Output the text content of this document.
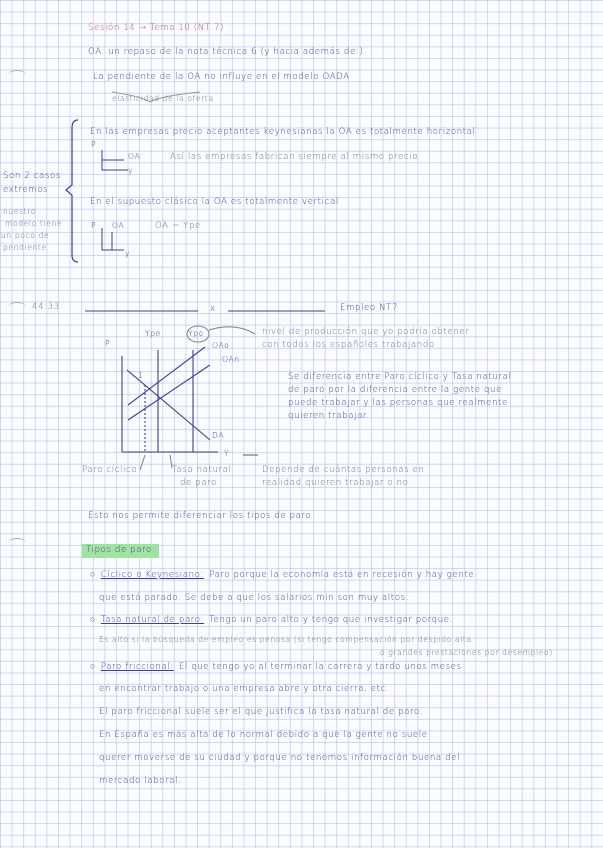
Sesión 14 → Tema 10 (NT 7)
OA: un repaso de la nota técnica 6 (y hacia además de:)
La pendiente de la OA no influye en el modelo OADA
elasticidad de la oferta
Son 2 casos
extremos
nuestro
modelo tiene
un poco de
pendiente.
En las empresas precio aceptantes keynesianas la OA es totalmente horizontal
P
OA
y
Así las empresas fabrican siempre al mismo precio
En el supuesto clásico la OA es totalmente vertical
P OA
y
OA = Ype
44:33	x	Empleo NT7
P
Ype	Ypo
OAo
OAn
1
DA
Y
nivel de producción que yo podría obtener
con todos los españoles trabajando
Se diferencia entre Paro cíclico y Tasa natural
de paro por la diferencia entre la gente que
puede trabajar y las personas que realmente
quieren trabajar.
Paro cíclico	Tasa natural
de paro
Depende de cuántas personas en
realidad quieren trabajar o no.
Esto nos permite diferenciar los tipos de paro
Tipos de paro:
○ Cíclico o Keynesiano: Paro porque la economía está en recesión y hay gente
que está parado. Se debe a que los salarios min son muy altos.
○ Tasa natural de paro: Tengo un paro alto y tengo que investigar porque.
Es alto si la búsqueda de empleo es penosa (si tengo compensación por despido alta
o grandes prestaciones por desempleo)
○ Paro friccional: El que tengo yo al terminar la carrera y tardo unos meses
en encontrar trabajo o una empresa abre y otra cierra, etc.
El paro friccional suele ser el que justifica la tasa natural de paro.
En España es más alta de lo normal debido a que la gente no suele
querer moverse de su ciudad y porque no tenemos información buena del
mercado laboral.
